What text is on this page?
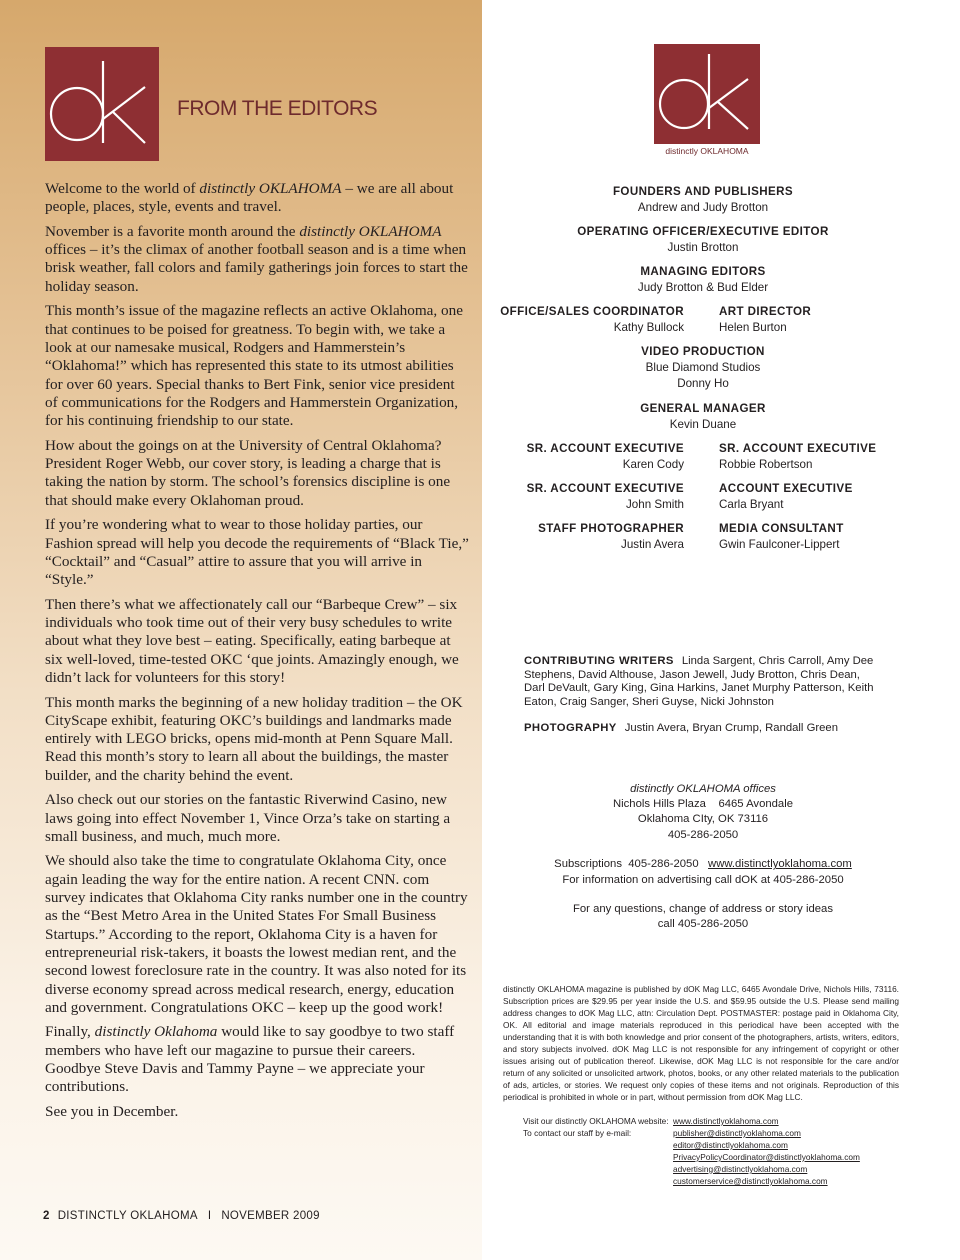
FROM THE EDITORS

Welcome to the world of distinctly OKLAHOMA – we are all about people, places, style, events and travel.

November is a favorite month around the distinctly OKLAHOMA offices – it’s the climax of another football season and is a time when brisk weather, fall colors and family gatherings join forces to start the holiday season.

This month’s issue of the magazine reflects an active Oklahoma, one that continues to be poised for greatness. To begin with, we take a look at our namesake musical, Rodgers and Hammerstein’s “Oklahoma!” which has represented this state to its utmost abilities for over 60 years. Special thanks to Bert Fink, senior vice president of communications for the Rodgers and Hammerstein Organization, for his continuing friendship to our state.

How about the goings on at the University of Central Oklahoma? President Roger Webb, our cover story, is leading a charge that is taking the nation by storm. The school’s forensics discipline is one that should make every Oklahoman proud.

If you’re wondering what to wear to those holiday parties, our Fashion spread will help you decode the requirements of “Black Tie,” “Cocktail” and “Casual” attire to assure that you will arrive in “Style.”

Then there’s what we affectionately call our “Barbeque Crew” – six individuals who took time out of their very busy schedules to write about what they love best – eating. Specifically, eating barbeque at six well-loved, time-tested OKC ‘que joints. Amazingly enough, we didn’t lack for volunteers for this story!

This month marks the beginning of a new holiday tradition – the OK CityScape exhibit, featuring OKC’s buildings and landmarks made entirely with LEGO bricks, opens mid-month at Penn Square Mall. Read this month’s story to learn all about the buildings, the master builder, and the charity behind the event.

Also check out our stories on the fantastic Riverwind Casino, new laws going into effect November 1, Vince Orza’s take on starting a small business, and much, much more.

We should also take the time to congratulate Oklahoma City, once again leading the way for the entire nation. A recent CNN. com survey indicates that Oklahoma City ranks number one in the country as the “Best Metro Area in the United States For Small Business Startups.” According to the report, Oklahoma City is a haven for entrepreneurial risk-takers, it boasts the lowest median rent, and the second lowest foreclosure rate in the country. It was also noted for its diverse economy spread across medical research, energy, education and government. Congratulations OKC – keep up the good work!

Finally, distinctly Oklahoma would like to say goodbye to two staff members who have left our magazine to pursue their careers. Goodbye Steve Davis and Tammy Payne – we appreciate your contributions.

See you in December.

2 DISTINCTLY OKLAHOMA I NOVEMBER 2009
distinctly OKLAHOMA
FOUNDERS AND PUBLISHERS
Andrew and Judy Brotton
OPERATING OFFICER/EXECUTIVE EDITOR
Justin Brotton
MANAGING EDITORS
Judy Brotton & Bud Elder
OFFICE/SALES COORDINATOR
Kathy Bullock
ART DIRECTOR
Helen Burton
VIDEO PRODUCTION
Blue Diamond Studios
Donny Ho
GENERAL MANAGER
Kevin Duane
SR. ACCOUNT EXECUTIVE
Karen Cody
SR. ACCOUNT EXECUTIVE
Robbie Robertson
SR. ACCOUNT EXECUTIVE
John Smith
ACCOUNT EXECUTIVE
Carla Bryant
STAFF PHOTOGRAPHER
Justin Avera
MEDIA CONSULTANT
Gwin Faulconer-Lippert
CONTRIBUTING WRITERS Linda Sargent, Chris Carroll, Amy Dee Stephens, David Althouse, Jason Jewell, Judy Brotton, Chris Dean, Darl DeVault, Gary King, Gina Harkins, Janet Murphy Patterson, Keith Eaton, Craig Sanger, Sheri Guyse, Nicki Johnston
PHOTOGRAPHY Justin Avera, Bryan Crump, Randall Green
distinctly OKLAHOMA offices
Nichols Hills Plaza    6465 Avondale
Oklahoma CIty, OK 73116
405-286-2050
Subscriptions  405-286-2050 www.distinctlyoklahoma.com
For information on advertising call dOK at 405-286-2050
For any questions, change of address or story ideas
call 405-286-2050
distinctly OKLAHOMA magazine is published by dOK Mag LLC, 6465 Avondale Drive, Nichols Hills, 73116. Subscription prices are $29.95 per year inside the U.S. and $59.95 outside the U.S. Please send mailing address changes to dOK Mag LLC, attn: Circulation Dept. POSTMASTER: postage paid in Oklahoma City, OK. All editorial and image materials reproduced in this periodical have been accepted with the understanding that it is with both knowledge and prior consent of the photographers, artists, writers, editors, and story subjects involved. dOK Mag LLC is not responsible for any infringement of copyright or other issues arising out of publication thereof. Likewise, dOK Mag LLC is not responsible for the care and/or return of any solicited or unsolicited artwork, photos, books, or any other related materials to the publication of ads, articles, or stories. We request only copies of these items and not originals. Reproduction of this periodical is prohibited in whole or in part, without permission from dOK Mag LLC.
Visit our distinctly OKLAHOMA website:
To contact our staff by e-mail:
www.distinctlyoklahoma.com
publisher@distinctlyoklahoma.com
editor@distinctlyoklahoma.com
PrivacyPolicyCoordinator@distinctlyoklahoma.com
advertising@distinctlyoklahoma.com
customerservice@distinctlyoklahoma.com
